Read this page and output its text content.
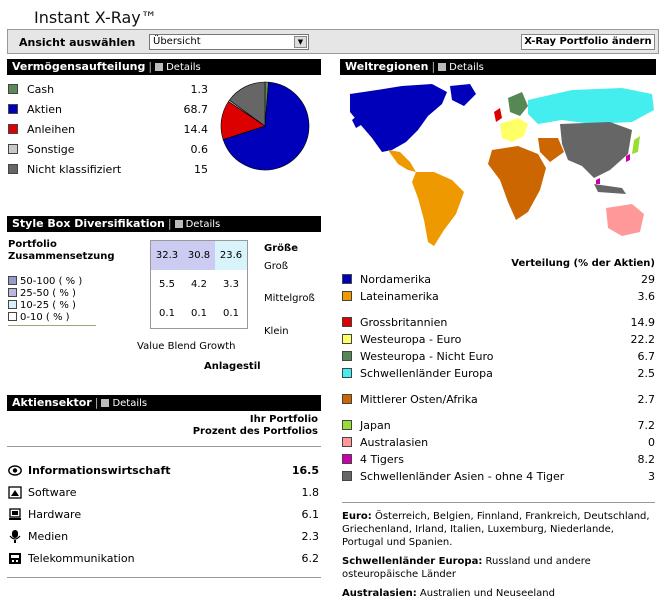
Instant X-Ray™
Ansicht auswählen	Übersicht	▼	X-Ray Portfolio ändern
Vermögensaufteilung | Details
Cash	1.3
Aktien	68.7
Anleihen	14.4
Sonstige	0.6
Nicht klassifiziert	15
Style Box Diversifikation | Details
Portfolio
Zusammensetzung
50-100 ( % )
25-50 ( % )
10-25 ( % )
0-10 ( % )
32.3 30.8 23.6
5.5	4.2	3.3
0.1	0.1	0.1
Größe
Groß
Mittelgroß
Klein
Value Blend Growth
Anlagestil
Aktiensektor | Details
Ihr Portfolio
Prozent des Portfolios
Informationswirtschaft	16.5
Software	1.8
Hardware	6.1
Medien	2.3
Telekommunikation	6.2
Weltregionen | Details
Verteilung (% der Aktien)
Nordamerika	29
Lateinamerika	3.6
Grossbritannien	14.9
Westeuropa - Euro	22.2
Westeuropa - Nicht Euro	6.7
Schwellenländer Europa	2.5
Mittlerer Osten/Afrika	2.7
Japan	7.2
Australasien	0
4 Tigers	8.2
Schwellenländer Asien - ohne 4 Tiger	3
Euro: Österreich, Belgien, Finnland, Frankreich, Deutschland, Griechenland, Irland, Italien, Luxemburg, Niederlande, Portugal und Spanien.
Schwellenländer Europa: Russland und andere osteuropäische Länder
Australasien: Australien und Neuseeland
